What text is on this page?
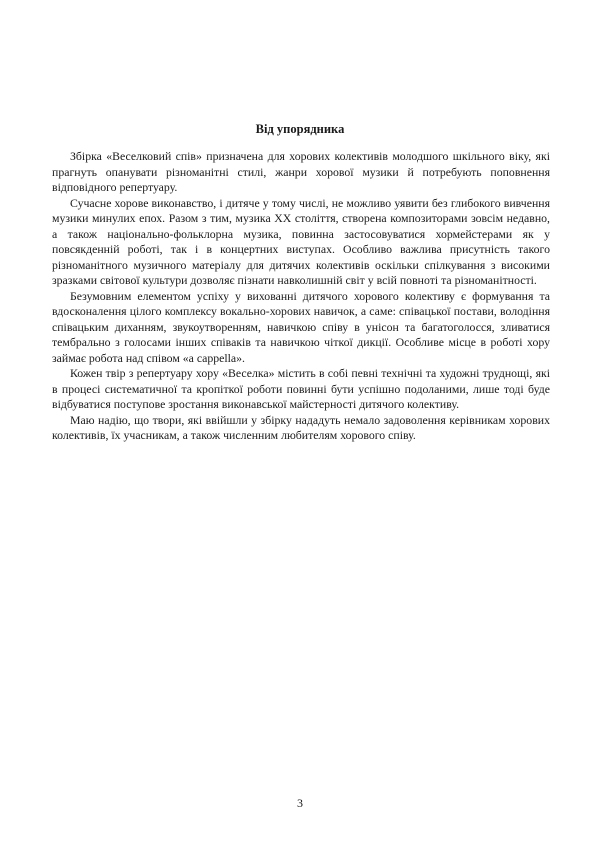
Від упорядника

Збірка «Веселковий спів» призначена для хорових колективів молодшого шкільного віку, які прагнуть опанувати різноманітні стилі, жанри хорової музики й потребують поповнення відповідного репертуару.

Сучасне хорове виконавство, і дитяче у тому числі, не можливо уявити без глибокого вивчення музики минулих епох. Разом з тим, музика XX століття, створена композиторами зовсім недавно, а також національно-фольклорна музика, повинна застосовуватися хормейстерами як у повсякденній роботі, так і в концертних виступах. Особливо важлива присутність такого різноманітного музичного матеріалу для дитячих колективів оскільки спілкування з високими зразками світової культури дозволяє пізнати навколишній світ у всій повноті та різноманітності.

Безумовним елементом успіху у вихованні дитячого хорового колективу є формування та вдосконалення цілого комплексу вокально-хорових навичок, а саме: співацької постави, володіння співацьким диханням, звукоутворенням, навичкою співу в унісон та багатоголосся, зливатися тембрально з голосами інших співаків та навичкою чіткої дикції. Особливе місце в роботі хору займає робота над співом «a cappella».

Кожен твір з репертуару хору «Веселка» містить в собі певні технічні та художні труднощі, які в процесі систематичної та кропіткої роботи повинні бути успішно подоланими, лише тоді буде відбуватися поступове зростання виконавської майстерності дитячого колективу.

Маю надію, що твори, які ввійшли у збірку нададуть немало задоволення керівникам хорових колективів, їх учасникам, а також численним любителям хорового співу.

3
